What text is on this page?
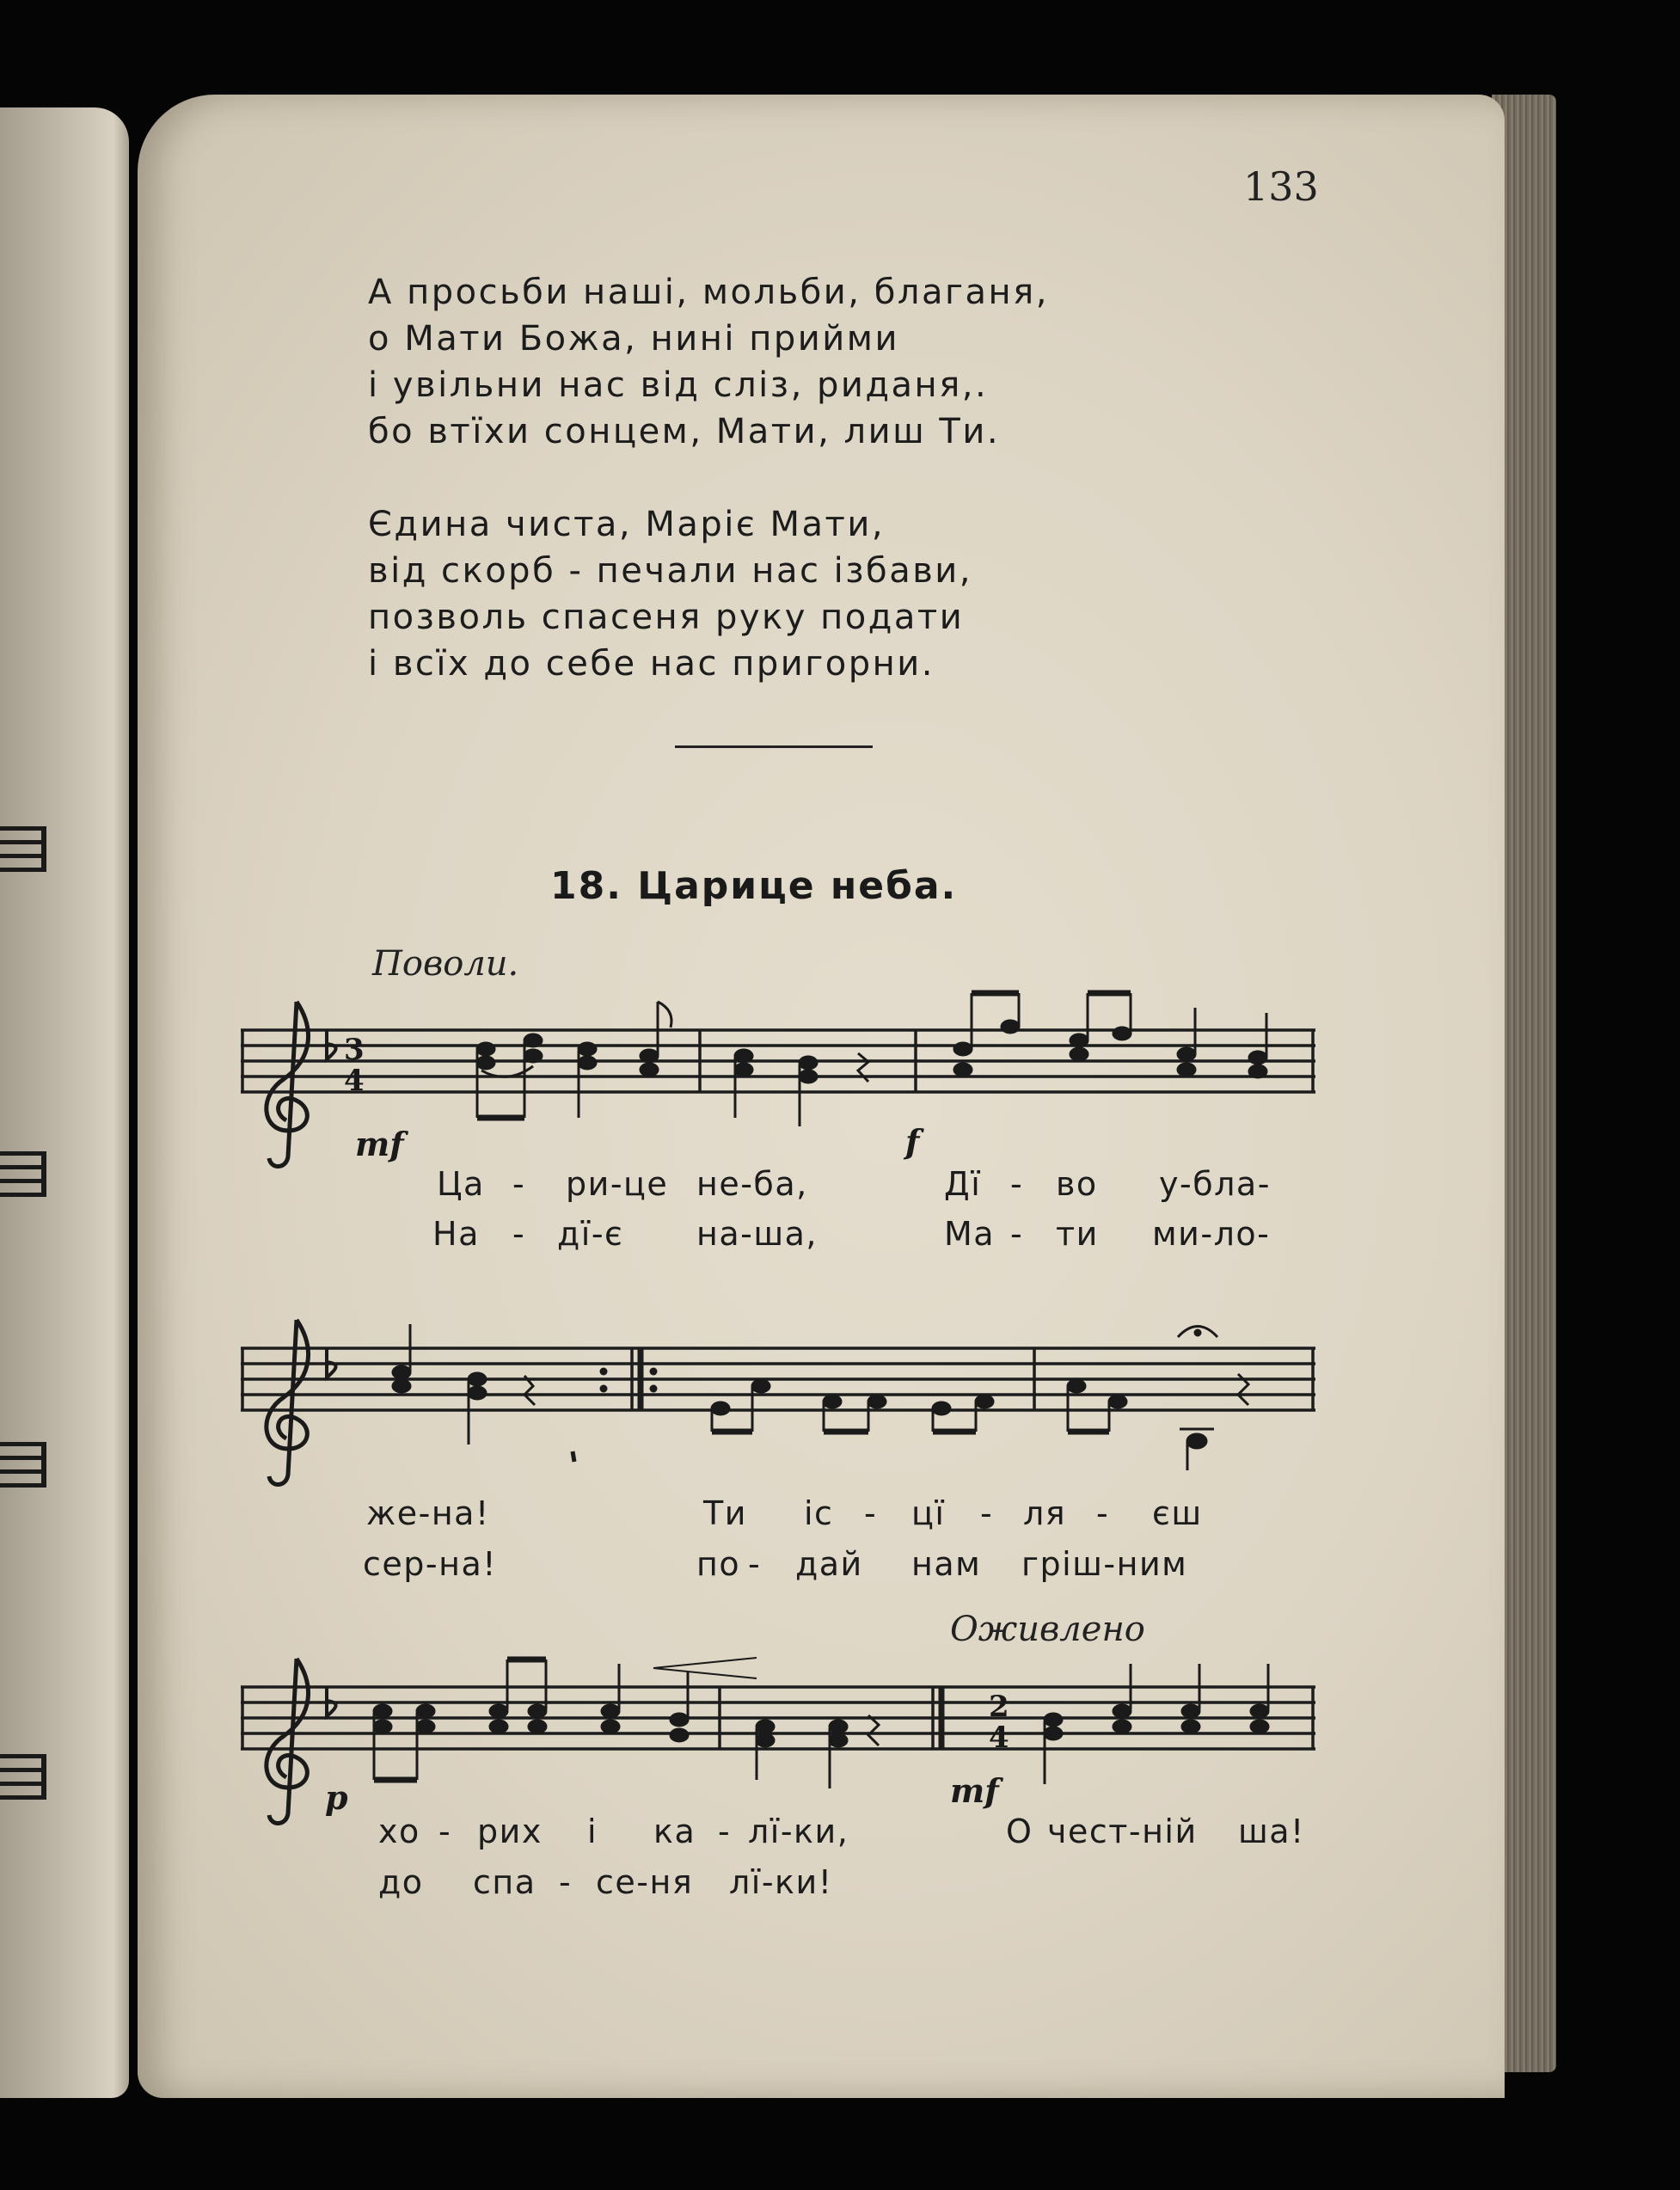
133
А просьби наші, мольби, благаня,
о Мати Божа, нині прийми
і увільни нас від сліз, риданя,.
бо втїхи сонцем, Мати, лиш Ти.
Єдина чиста, Маріє Мати,
від скорб - печали нас ізбави,
позволь спасеня руку подати
і всїх до себе нас пригорни.
18. Царице неба.
Поволи.
Оживлено
3
4
2
4
mf	f
p	mf
Ца - ри-це не-ба,	Дї - во у-бла-
На - дї-є на-ша,	Ма - ти ми-ло-
же-на!	Ти іс - цї - ля - єш
сер-на!	по - дай нам гріш-ним
хо - рих і ка - лї-ки,	О чест-ній ша!
до спа - се-ня лї-ки!
